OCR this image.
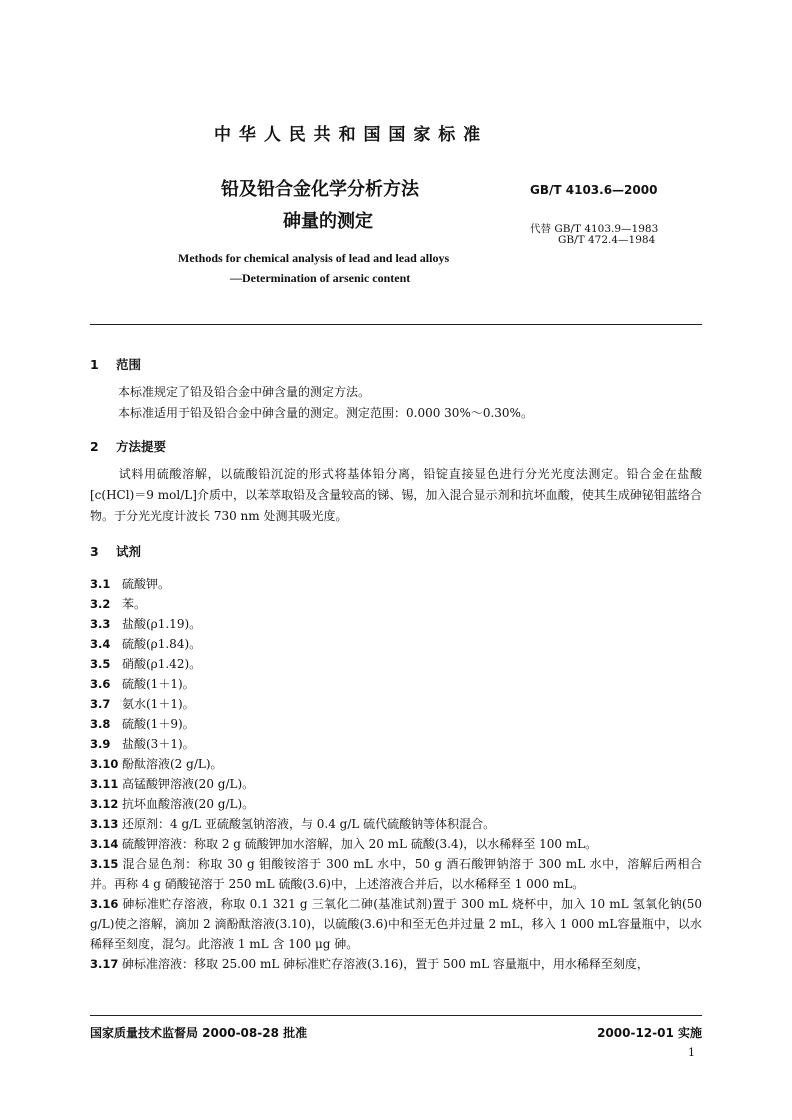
中 华 人 民 共 和 国 国 家 标 准
铅及铅合金化学分析方法
砷量的测定
GB/T 4103.6—2000
代替 GB/T 4103.9—1983
GB/T 472.4—1984
Methods for chemical analysis of lead and lead alloys
—Determination of arsenic content
1 范围
本标准规定了铅及铅合金中砷含量的测定方法。
本标准适用于铅及铅合金中砷含量的测定。测定范围：0.000 30%～0.30%。
2 方法提要
试料用硫酸溶解，以硫酸铅沉淀的形式将基体铅分离，铅锭直接显色进行分光光度法测定。铅合金在盐酸[c(HCl)＝9 mol/L]介质中，以苯萃取铅及含量较高的锑、锡，加入混合显示剂和抗坏血酸，使其生成砷铋钼蓝络合物。于分光光度计波长 730 nm 处测其吸光度。
3 试剂
3.1 硫酸钾。
3.2 苯。
3.3 盐酸(ρ1.19)。
3.4 硫酸(ρ1.84)。
3.5 硝酸(ρ1.42)。
3.6 硫酸(1＋1)。
3.7 氨水(1＋1)。
3.8 硫酸(1＋9)。
3.9 盐酸(3＋1)。
3.10 酚酞溶液(2 g/L)。
3.11 高锰酸钾溶液(20 g/L)。
3.12 抗坏血酸溶液(20 g/L)。
3.13 还原剂：4 g/L 亚硫酸氢钠溶液，与 0.4 g/L 硫代硫酸钠等体积混合。
3.14 硫酸钾溶液：称取 2 g 硫酸钾加水溶解，加入 20 mL 硫酸(3.4)，以水稀释至 100 mL。
3.15 混合显色剂：称取 30 g 钼酸铵溶于 300 mL 水中，50 g 酒石酸钾钠溶于 300 mL 水中，溶解后两相合并。再称 4 g 硝酸铋溶于 250 mL 硫酸(3.6)中，上述溶液合并后，以水稀释至 1 000 mL。
3.16 砷标准贮存溶液，称取 0.1 321 g 三氧化二砷(基准试剂)置于 300 mL 烧杯中，加入 10 mL 氢氧化钠(50 g/L)使之溶解，滴加 2 滴酚酞溶液(3.10)，以硫酸(3.6)中和至无色并过量 2 mL，移入 1 000 mL容量瓶中，以水稀释至刻度，混匀。此溶液 1 mL 含 100 μg 砷。
3.17 砷标准溶液：移取 25.00 mL 砷标准贮存溶液(3.16)，置于 500 mL 容量瓶中，用水稀释至刻度，
国家质量技术监督局 2000-08-28 批准	2000-12-01 实施
1
